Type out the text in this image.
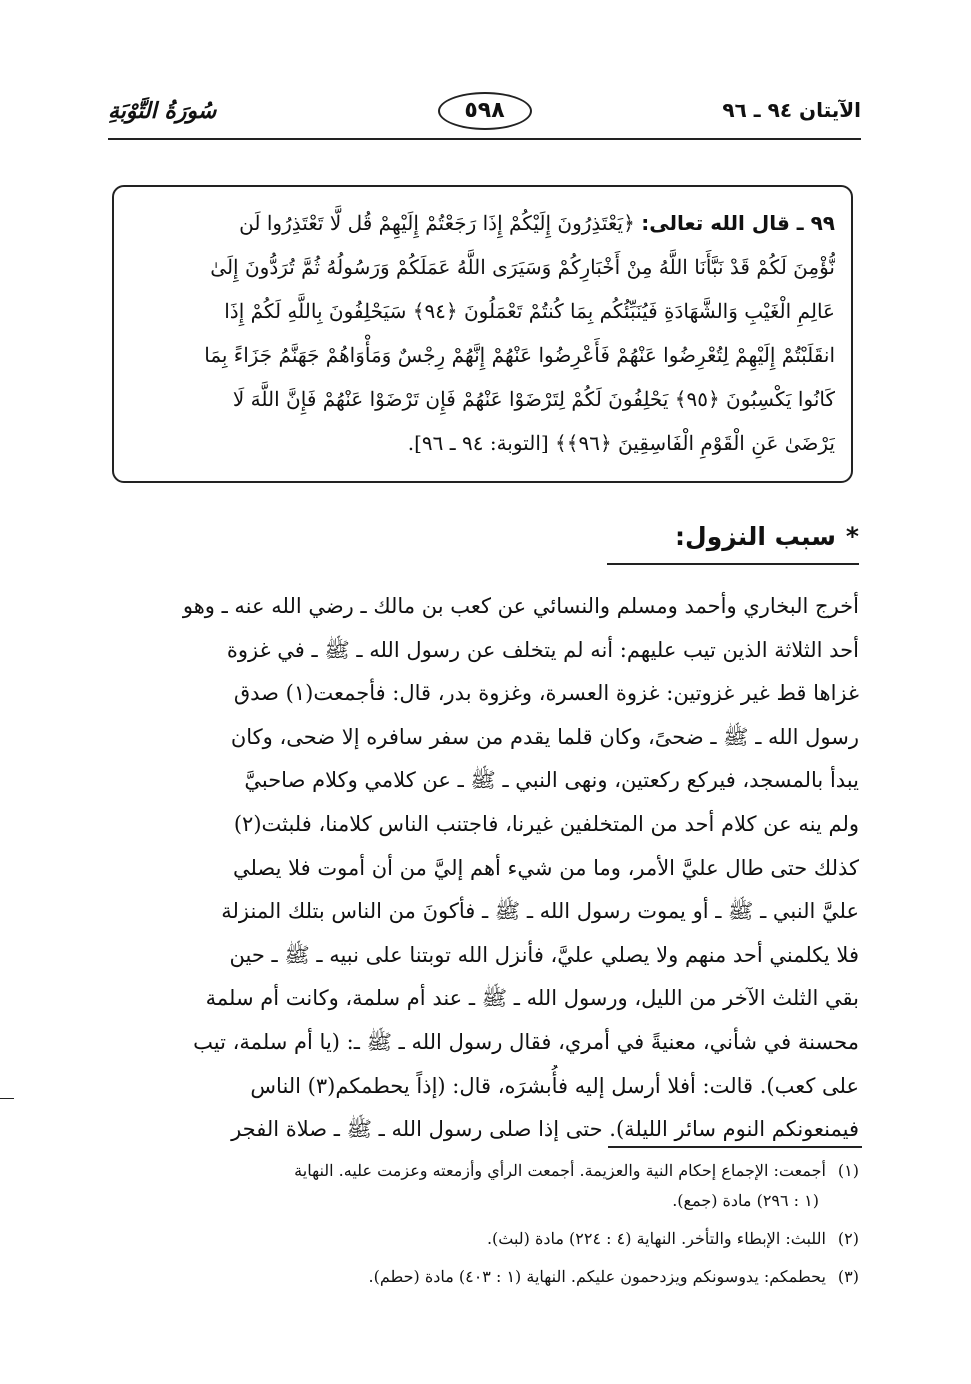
الآيتان ٩٤ ـ ٩٦
٥٩٨
سُورَةُ التَّوْبَةِ
٩٩ ـ قال الله تعالى: ﴿يَعْتَذِرُونَ إِلَيْكُمْ إِذَا رَجَعْتُمْ إِلَيْهِمْ قُل لَّا تَعْتَذِرُوا لَن
نُّؤْمِنَ لَكُمْ قَدْ نَبَّأَنَا اللَّهُ مِنْ أَخْبَارِكُمْ وَسَيَرَى اللَّهُ عَمَلَكُمْ وَرَسُولُهُ ثُمَّ تُرَدُّونَ إِلَىٰ
عَالِمِ الْغَيْبِ وَالشَّهَادَةِ فَيُنَبِّئُكُم بِمَا كُنتُمْ تَعْمَلُونَ ﴿٩٤﴾ سَيَحْلِفُونَ بِاللَّهِ لَكُمْ إِذَا
انقَلَبْتُمْ إِلَيْهِمْ لِتُعْرِضُوا عَنْهُمْ فَأَعْرِضُوا عَنْهُمْ إِنَّهُمْ رِجْسٌ وَمَأْوَاهُمْ جَهَنَّمُ جَزَاءً بِمَا
كَانُوا يَكْسِبُونَ ﴿٩٥﴾ يَحْلِفُونَ لَكُمْ لِتَرْضَوْا عَنْهُمْ فَإِن تَرْضَوْا عَنْهُمْ فَإِنَّ اللَّهَ لَا
يَرْضَىٰ عَنِ الْقَوْمِ الْفَاسِقِينَ ﴿٩٦﴾﴾ [التوبة: ٩٤ ـ ٩٦].
*سبب النزول:
أخرج البخاري وأحمد ومسلم والنسائي عن كعب بن مالك ـ رضي الله عنه ـ وهو
أحد الثلاثة الذين تيب عليهم: أنه لم يتخلف عن رسول الله ـ ﷺ ـ في غزوة
غزاها قط غير غزوتين: غزوة العسرة، وغزوة بدر، قال: فأجمعت(١) صدق
رسول الله ـ ﷺ ـ ضحىً، وكان قلما يقدم من سفر سافره إلا ضحى، وكان
يبدأ بالمسجد، فيركع ركعتين، ونهى النبي ـ ﷺ ـ عن كلامي وكلام صاحبيَّ
ولم ينه عن كلام أحد من المتخلفين غيرنا، فاجتنب الناس كلامنا، فلبثت(٢)
كذلك حتى طال عليَّ الأمر، وما من شيء أهم إليَّ من أن أموت فلا يصلي
عليَّ النبي ـ ﷺ ـ أو يموت رسول الله ـ ﷺ ـ فأكونَ من الناس بتلك المنزلة
فلا يكلمني أحد منهم ولا يصلي عليَّ، فأنزل الله توبتنا على نبيه ـ ﷺ ـ حين
بقي الثلث الآخر من الليل، ورسول الله ـ ﷺ ـ عند أم سلمة، وكانت أم سلمة
محسنة في شأني، معنيةً في أمري، فقال رسول الله ـ ﷺ ـ: (يا أم سلمة، تيب
على كعب). قالت: أفلا أرسل إليه فأُبشرَه، قال: (إذاً يحطمكم(٣) الناس
فيمنعونكم النوم سائر الليلة). حتى إذا صلى رسول الله ـ ﷺ ـ صلاة الفجر
(١)أجمعت: الإجماع إحكام النية والعزيمة. أجمعت الرأي وأزمعته وعزمت عليه. النهاية
(١ : ٢٩٦) مادة (جمع).
(٢)اللبث: الإبطاء والتأخر. النهاية (٤ : ٢٢٤) مادة (لبث).
(٣)يحطمكم: يدوسونكم ويزدحمون عليكم. النهاية (١ : ٤٠٣) مادة (حطم).
